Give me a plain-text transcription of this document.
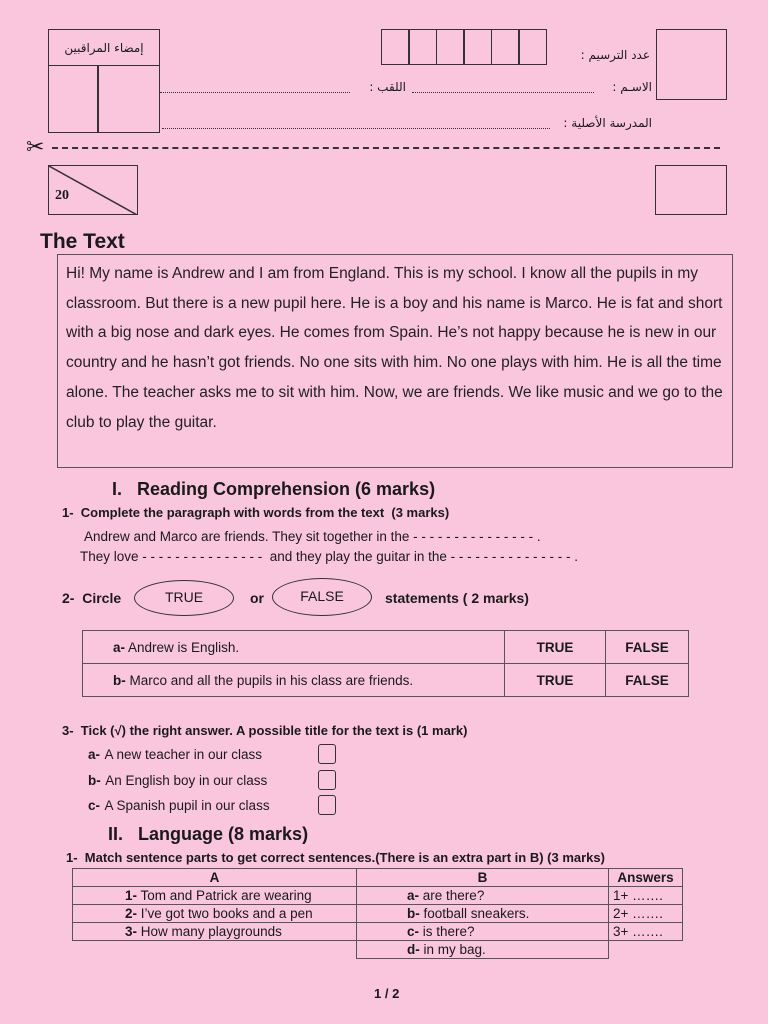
إمضاء المراقبين	عدد الترسيم :
اللقب :	الاسـم :
المدرسة الأصلية :
✂
20
The Text
Hi! My name is Andrew and I am from England. This is my school. I know all the pupils in my classroom. But there is a new pupil here. He is a boy and his name is Marco. He is fat and short with a big nose and dark eyes. He comes from Spain. He’s not happy because he is new in our country and he hasn’t got friends. No one sits with him. No one plays with him. He is all the time alone. The teacher asks me to sit with him. Now, we are friends. We like music and we go to the club to play the guitar.
I.   Reading Comprehension (6 marks)
1-  Complete the paragraph with words from the text  (3 marks)
Andrew and Marco are friends. They sit together in the - - - - - - - - - - - - - - - .
They love - - - - - - - - - - - - - - -  and they play the guitar in the - - - - - - - - - - - - - - - .
2-  Circle	TRUE	or	FALSE	statements ( 2 marks)
a- Andrew is English.	TRUE	FALSE
b- Marco and all the pupils in his class are friends.	TRUE	FALSE
3-  Tick (√) the right answer. A possible title for the text is (1 mark)
a- A new teacher in our class
b- An English boy in our class
c- A Spanish pupil in our class
II.   Language (8 marks)
1-  Match sentence parts to get correct sentences.(There is an extra part in B) (3 marks)
A	B	Answers
1- Tom and Patrick are wearing	a- are there?	1+ …….
2- I’ve got two books and a pen	b- football sneakers.	2+ …….
3- How many playgrounds	c- is there?	3+ …….
	d- in my bag.	
1 / 2
